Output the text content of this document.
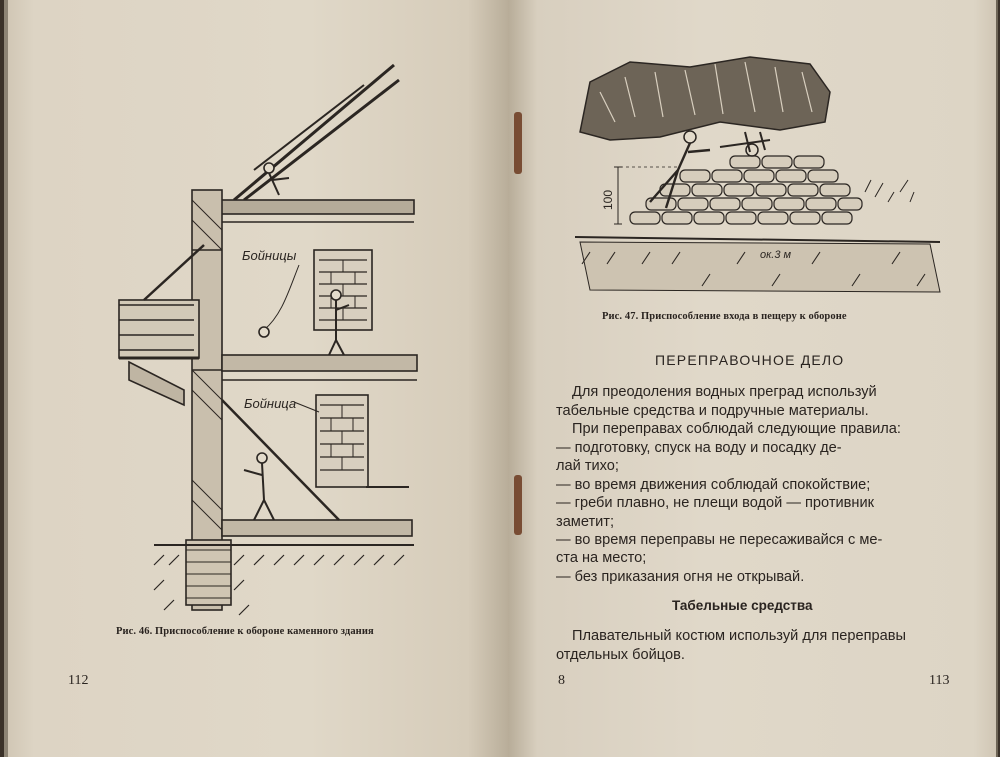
Бойницы
Бойница
Рис. 46. Приспособление к обороне каменного здания
112
100
ок.3 м
Рис. 47. Приспособление входа в пещеру к обороне
ПЕРЕПРАВОЧНОЕ ДЕЛО
Для преодоления водных преград используй
табельные средства и подручные материалы.
При переправах соблюдай следующие правила:
— подготовку, спуск на воду и посадку де-
лай тихо;
— во время движения соблюдай спокойствие;
— греби плавно, не плещи водой — противник
заметит;
— во время переправы не пересаживайся с ме-
ста на место;
— без приказания огня не открывай.
Табельные средства
Плавательный костюм используй для переправы
отдельных бойцов.
8	113
